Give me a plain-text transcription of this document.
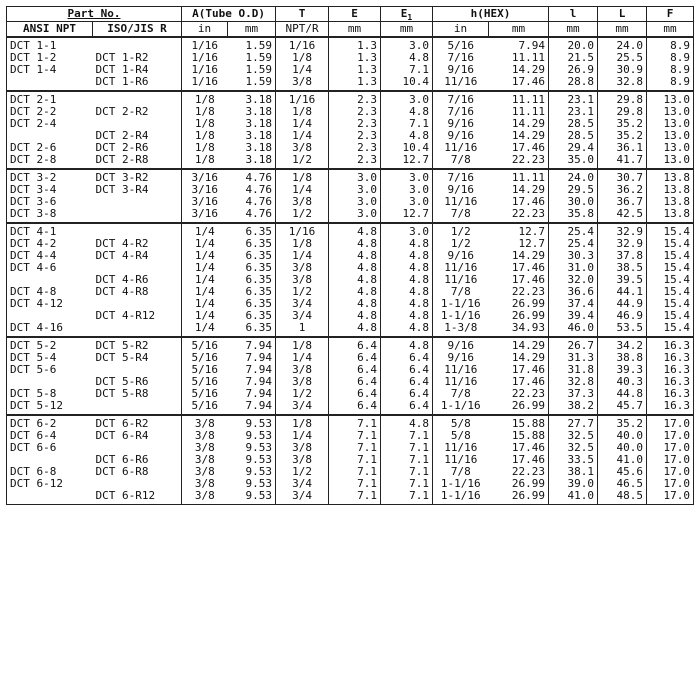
Part No.		A(Tube O.D)		T	E	$E_1$	h(HEX)		l	L	F
ANSI NPT	ISO/JIS R	in	mm	NPT/R	mm	mm	in	mm	mm	mm	mm
DCT 1-1		1/16	1.59	1/16	1.3	3.0	5/16	7.94	20.0	24.0	8.9
DCT 1-2	DCT 1-R2	1/16	1.59	1/8	1.3	4.8	7/16	11.11	21.5	25.5	8.9
DCT 1-4	DCT 1-R4	1/16	1.59	1/4	1.3	7.1	9/16	14.29	26.9	30.9	8.9
	DCT 1-R6	1/16	1.59	3/8	1.3	10.4	11/16	17.46	28.8	32.8	8.9
DCT 2-1		1/8	3.18	1/16	2.3	3.0	7/16	11.11	23.1	29.8	13.0
DCT 2-2	DCT 2-R2	1/8	3.18	1/8	2.3	4.8	7/16	11.11	23.1	29.8	13.0
DCT 2-4		1/8	3.18	1/4	2.3	7.1	9/16	14.29	28.5	35.2	13.0
	DCT 2-R4	1/8	3.18	1/4	2.3	4.8	9/16	14.29	28.5	35.2	13.0
DCT 2-6	DCT 2-R6	1/8	3.18	3/8	2.3	10.4	11/16	17.46	29.4	36.1	13.0
DCT 2-8	DCT 2-R8	1/8	3.18	1/2	2.3	12.7	7/8	22.23	35.0	41.7	13.0
DCT 3-2	DCT 3-R2	3/16	4.76	1/8	3.0	3.0	7/16	11.11	24.0	30.7	13.8
DCT 3-4	DCT 3-R4	3/16	4.76	1/4	3.0	3.0	9/16	14.29	29.5	36.2	13.8
DCT 3-6		3/16	4.76	3/8	3.0	3.0	11/16	17.46	30.0	36.7	13.8
DCT 3-8		3/16	4.76	1/2	3.0	12.7	7/8	22.23	35.8	42.5	13.8
DCT 4-1		1/4	6.35	1/16	4.8	3.0	1/2	12.7	25.4	32.9	15.4
DCT 4-2	DCT 4-R2	1/4	6.35	1/8	4.8	4.8	1/2	12.7	25.4	32.9	15.4
DCT 4-4	DCT 4-R4	1/4	6.35	1/4	4.8	4.8	9/16	14.29	30.3	37.8	15.4
DCT 4-6		1/4	6.35	3/8	4.8	4.8	11/16	17.46	31.0	38.5	15.4
	DCT 4-R6	1/4	6.35	3/8	4.8	4.8	11/16	17.46	32.0	39.5	15.4
DCT 4-8	DCT 4-R8	1/4	6.35	1/2	4.8	4.8	7/8	22.23	36.6	44.1	15.4
DCT 4-12		1/4	6.35	3/4	4.8	4.8	1-1/16	26.99	37.4	44.9	15.4
	DCT 4-R12	1/4	6.35	3/4	4.8	4.8	1-1/16	26.99	39.4	46.9	15.4
DCT 4-16		1/4	6.35	1	4.8	4.8	1-3/8	34.93	46.0	53.5	15.4
DCT 5-2	DCT 5-R2	5/16	7.94	1/8	6.4	4.8	9/16	14.29	26.7	34.2	16.3
DCT 5-4	DCT 5-R4	5/16	7.94	1/4	6.4	6.4	9/16	14.29	31.3	38.8	16.3
DCT 5-6		5/16	7.94	3/8	6.4	6.4	11/16	17.46	31.8	39.3	16.3
	DCT 5-R6	5/16	7.94	3/8	6.4	6.4	11/16	17.46	32.8	40.3	16.3
DCT 5-8	DCT 5-R8	5/16	7.94	1/2	6.4	6.4	7/8	22.23	37.3	44.8	16.3
DCT 5-12		5/16	7.94	3/4	6.4	6.4	1-1/16	26.99	38.2	45.7	16.3
DCT 6-2	DCT 6-R2	3/8	9.53	1/8	7.1	4.8	5/8	15.88	27.7	35.2	17.0
DCT 6-4	DCT 6-R4	3/8	9.53	1/4	7.1	7.1	5/8	15.88	32.5	40.0	17.0
DCT 6-6		3/8	9.53	3/8	7.1	7.1	11/16	17.46	32.5	40.0	17.0
	DCT 6-R6	3/8	9.53	3/8	7.1	7.1	11/16	17.46	33.5	41.0	17.0
DCT 6-8	DCT 6-R8	3/8	9.53	1/2	7.1	7.1	7/8	22.23	38.1	45.6	17.0
DCT 6-12		3/8	9.53	3/4	7.1	7.1	1-1/16	26.99	39.0	46.5	17.0
	DCT 6-R12	3/8	9.53	3/4	7.1	7.1	1-1/16	26.99	41.0	48.5	17.0
